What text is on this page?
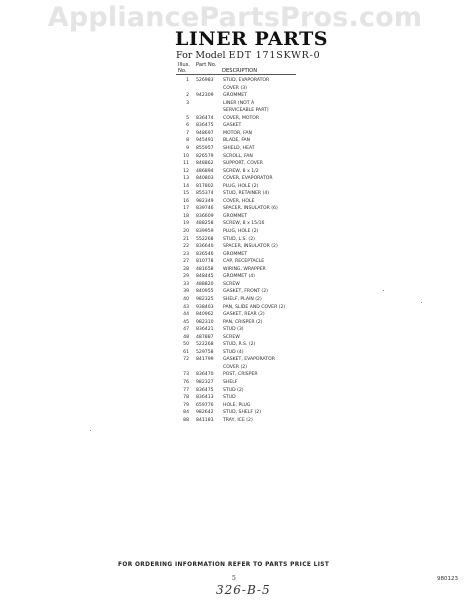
AppliancePartsPros.com
LINER PARTS
For Model EDT 171SKWR-0
Illus. No.
Part No.
DESCRIPTION
1 526983	STUD, EVAPORATOR
COVER (3)
2 942309	GROMMET
3	LINER (NOT A
SERVICEABLE PART)
5 836474	COVER, MOTOR
6 836475	GASKET
7 948697	MOTOR, FAN
8 945491	BLADE, FAN
9 855957	SHIELD, HEAT
10 826579	SCROLL, FAN
11 848862	SUPPORT, COVER
12 486894	SCREW, 8 x 1/2
13 840803	COVER, EVAPORATOR
14 817802	PLUG, HOLE (2)
15 855374	STUD, RETAINER (4)
16 982349	COVER, HOLE
17 839746	SPACER, INSULATOR (6)
18 836609	GROMMET
19 488258	SCREW, 8 x 15/16
20 839959	PLUG, HOLE (2)
21 552268	STUD, L.S. (2)
22 836640	SPACER, INSULATOR (2)
23 836546	GROMMET
27 810778	CAP, RECEPTACLE
28 481658	WIRING, WRAPPER
29 848445	GROMMET (4)
33 488820	SCREW
39 840955	GASKET, FRONT (2)
40 982325	SHELF, PLAIN (2)
43 938403	PAN, SLIDE AND COVER (2)
44 840962	GASKET, REAR (2)
45 982310	PAN, CRISPER (2)
47 836421	STUD (3)
48 487887	SCREW
50 522268	STUD, R.S. (2)
61 529758	STUD (4)
72 841799	GASKET, EVAPORATOR
COVER (2)
73 836470	POST, CRISPER
76 982327	SHELF
77 836475	STUD (2)
78 836413	STUD
79 659776	HOLE, PLUG
84 982642	STUD, SHELF (2)
88 841183	TRAY, ICE (2)
FOR ORDERING INFORMATION REFER TO PARTS PRICE LIST
5	980123
326-B-5
